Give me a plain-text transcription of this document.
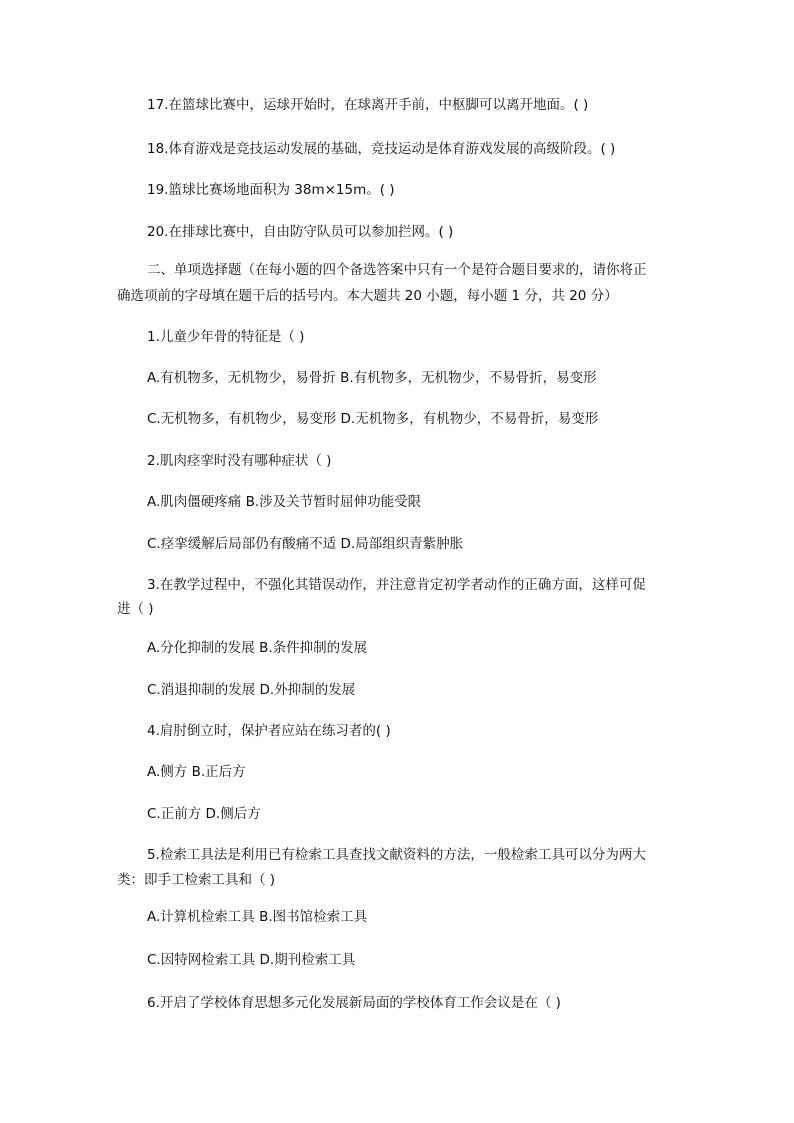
17.在篮球比赛中，运球开始时，在球离开手前，中枢脚可以离开地面。( )
18.体育游戏是竞技运动发展的基础，竞技运动是体育游戏发展的高级阶段。( )
19.篮球比赛场地面积为 38m×15m。( )
20.在排球比赛中，自由防守队员可以参加拦网。( )
二、单项选择题（在每小题的四个备选答案中只有一个是符合题目要求的，请你将正
确选项前的字母填在题干后的括号内。本大题共 20 小题，每小题 1 分，共 20 分）
1.儿童少年骨的特征是（ )
A.有机物多，无机物少，易骨折 B.有机物多，无机物少，不易骨折，易变形
C.无机物多，有机物少，易变形 D.无机物多，有机物少，不易骨折，易变形
2.肌肉痉挛时没有哪种症状（ )
A.肌肉僵硬疼痛 B.涉及关节暂时屈伸功能受限
C.痉挛缓解后局部仍有酸痛不适 D.局部组织青紫肿胀
3.在教学过程中，不强化其错误动作，并注意肯定初学者动作的正确方面，这样可促
进（ )
A.分化抑制的发展 B.条件抑制的发展
C.消退抑制的发展 D.外抑制的发展
4.肩肘倒立时，保护者应站在练习者的( )
A.侧方 B.正后方
C.正前方 D.侧后方
5.检索工具法是利用已有检索工具查找文献资料的方法，一般检索工具可以分为两大
类：即手工检索工具和（ )
A.计算机检索工具 B.图书馆检索工具
C.因特网检索工具 D.期刊检索工具
6.开启了学校体育思想多元化发展新局面的学校体育工作会议是在（ )
